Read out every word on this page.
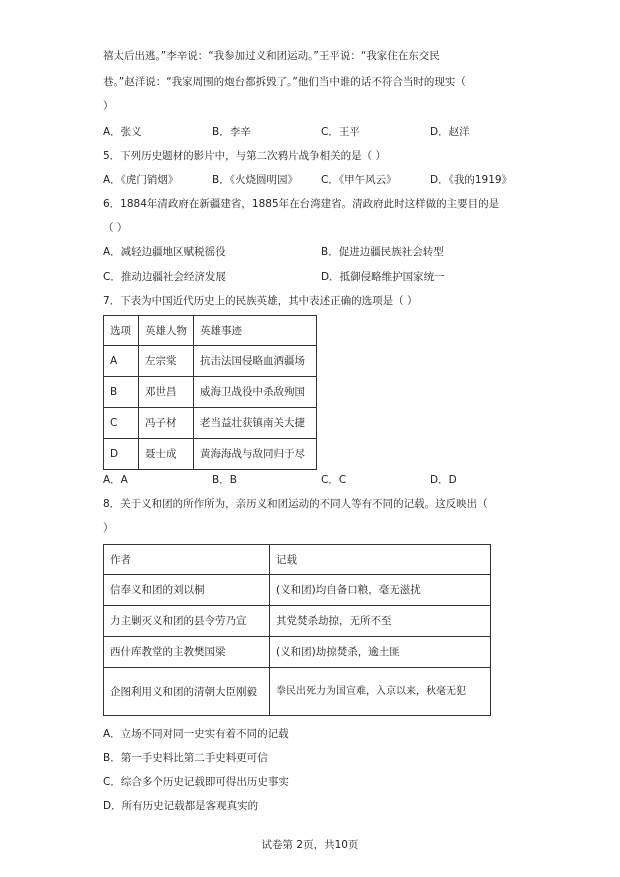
禧太后出逃。”李辛说：“我参加过义和团运动。”王平说：“我家住在东交民
巷。”赵洋说：“我家周围的炮台都拆毁了。”他们当中谁的话不符合当时的现实（
）
A．张义	B．李辛	C．王平	D．赵洋
5．下列历史题材的影片中，与第二次鸦片战争相关的是（ ）
A．《虎门销烟》	B．《火烧圆明园》 C．《甲午风云》	D．《我的1919》
6．1884年清政府在新疆建省，1885年在台湾建省。清政府此时这样做的主要目的是
（ ）
A．减轻边疆地区赋税徭役	B．促进边疆民族社会转型
C．推动边疆社会经济发展	D．抵御侵略维护国家统一
7．下表为中国近代历史上的民族英雄，其中表述正确的选项是（ ）
选项	英雄人物	英雄事迹
A	左宗棠	抗击法国侵略血洒疆场
B	邓世昌	威海卫战役中杀敌殉国
C	冯子材	老当益壮获镇南关大捷
D	聂士成	黄海海战与敌同归于尽
A．A	B．B	C．C	D．D
8．关于义和团的所作所为，亲历义和团运动的不同人等有不同的记载。这反映出（
）
作者	记载
信奉义和团的刘以桐	(义和团)均自备口粮，毫无滋扰
力主剿灭义和团的县令劳乃宣	其党焚杀劫掠，无所不至
西什库教堂的主教樊国梁	(义和团)劫掠焚杀，逾土匪
企图利用义和团的清朝大臣刚毅	拳民出死力为国宣难，入京以来，秋毫无犯
A．立场不同对同一史实有着不同的记载
B．第一手史料比第二手史料更可信
C．综合多个历史记载即可得出历史事实
D．所有历史记载都是客观真实的
试卷第 2页，共10页
